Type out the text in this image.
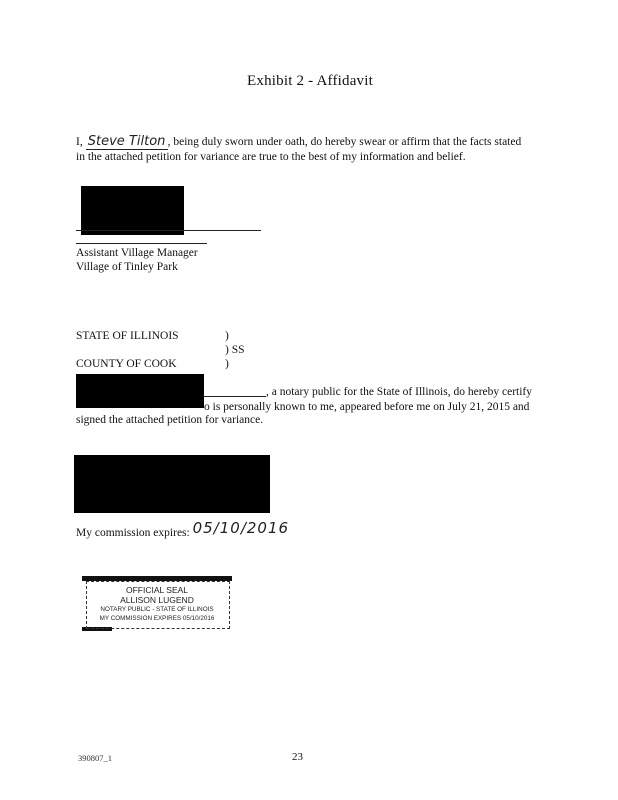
Exhibit 2 - Affidavit
I, Steve Tilton , being duly sworn under oath, do hereby swear or affirm that the facts stated
in the attached petition for variance are true to the best of my information and belief.
Assistant Village Manager
Village of Tinley Park
STATE OF ILLINOIS	)
) SS
COUNTY OF COOK	)
, a notary public for the State of Illinois, do hereby certify
o is personally known to me, appeared before me on July 21, 2015 and
signed the attached petition for variance.
My commission expires: 05/10/2016
OFFICIAL SEAL
ALLISON LUGEND
NOTARY PUBLIC - STATE OF ILLINOIS
MY COMMISSION EXPIRES 05/10/2016
390807_1	23
